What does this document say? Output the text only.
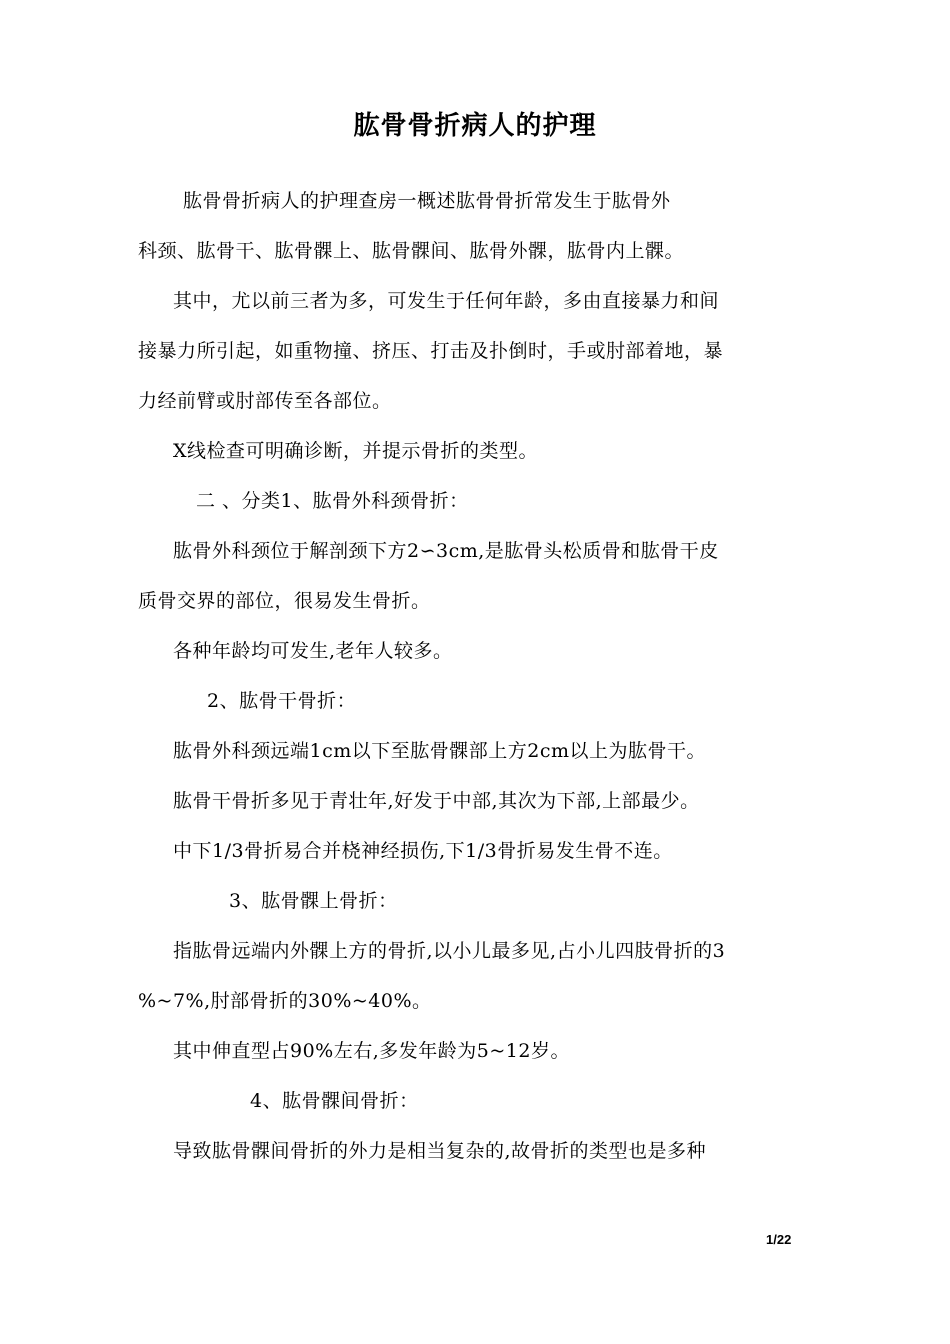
肱骨骨折病人的护理

肱骨骨折病人的护理查房一概述肱骨骨折常发生于肱骨外

科颈、肱骨干、肱骨髁上、肱骨髁间、肱骨外髁，肱骨内上髁。

其中，尤以前三者为多，可发生于任何年龄，多由直接暴力和间

接暴力所引起，如重物撞、挤压、打击及扑倒时，手或肘部着地，暴

力经前臂或肘部传至各部位。

X线检查可明确诊断，并提示骨折的类型。

二 、分类1、肱骨外科颈骨折：

肱骨外科颈位于解剖颈下方2∽3cm,是肱骨头松质骨和肱骨干皮

质骨交界的部位，很易发生骨折。

各种年龄均可发生,老年人较多。

2、肱骨干骨折：

肱骨外科颈远端1cm以下至肱骨髁部上方2cm以上为肱骨干。

肱骨干骨折多见于青壮年,好发于中部,其次为下部,上部最少。

中下1/3骨折易合并桡神经损伤,下1/3骨折易发生骨不连。

3、肱骨髁上骨折：

指肱骨远端内外髁上方的骨折,以小儿最多见,占小儿四肢骨折的3

%~7%,肘部骨折的30%~40%。

其中伸直型占90%左右,多发年龄为5~12岁。

4、肱骨髁间骨折：

导致肱骨髁间骨折的外力是相当复杂的,故骨折的类型也是多种

1/22
